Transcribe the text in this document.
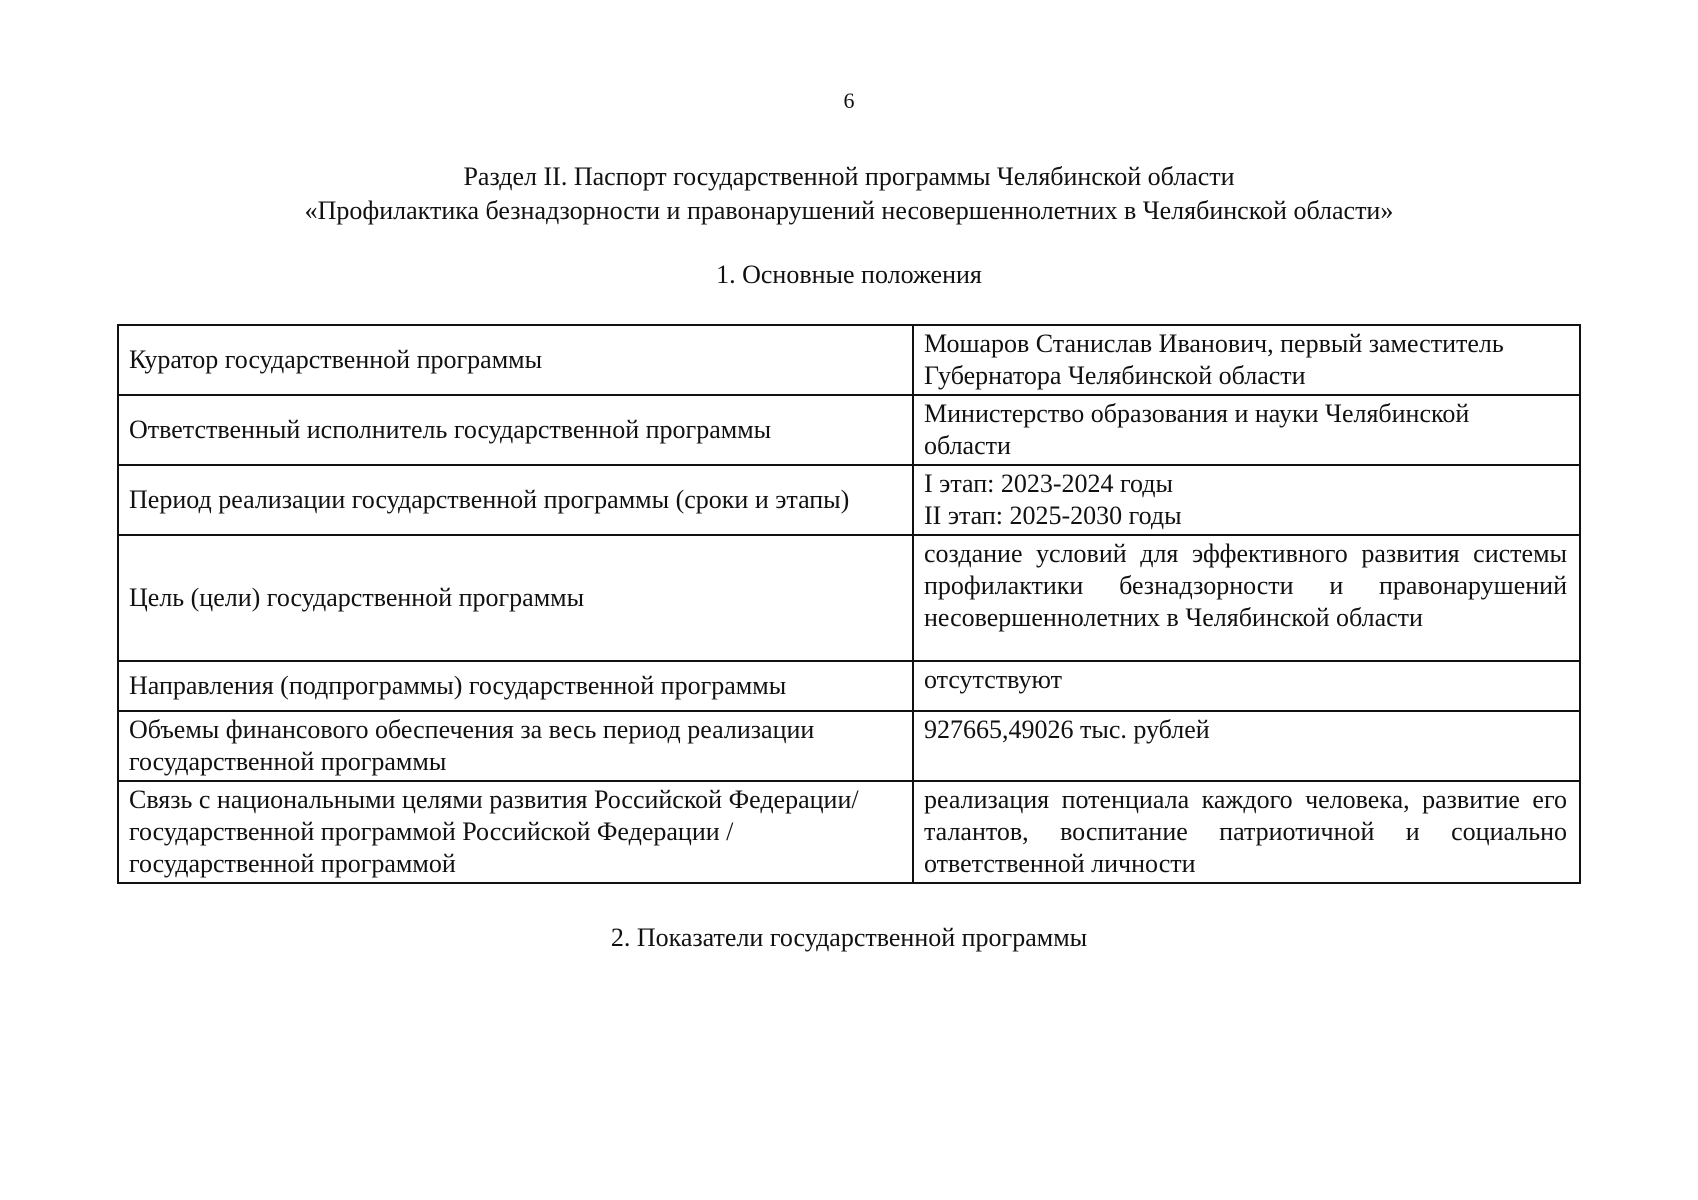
6
Раздел II. Паспорт государственной программы Челябинской области
«Профилактика безнадзорности и правонарушений несовершеннолетних в Челябинской области»
1. Основные положения
Куратор государственной программы	Мошаров Станислав Иванович, первый заместитель
Губернатора Челябинской области

Ответственный исполнитель государственной программы	Министерство образования и науки Челябинской
области

Период реализации государственной программы (сроки и этапы)	I этап: 2023-2024 годы
II этап: 2025-2030 годы

Цель (цели) государственной программы	создание условий для эффективного развития системы профилактики безнадзорности и правонарушений несовершеннолетних в Челябинской области
Направления (подпрограммы) государственной программы	отсутствуют
Объемы финансового обеспечения за весь период реализации государственной программы	927665,49026 тыс. рублей
Связь с национальными целями развития Российской Федерации/ государственной программой Российской Федерации / государственной программой	реализация потенциала каждого человека, развитие его талантов, воспитание патриотичной и социально ответственной личности
2. Показатели государственной программы
